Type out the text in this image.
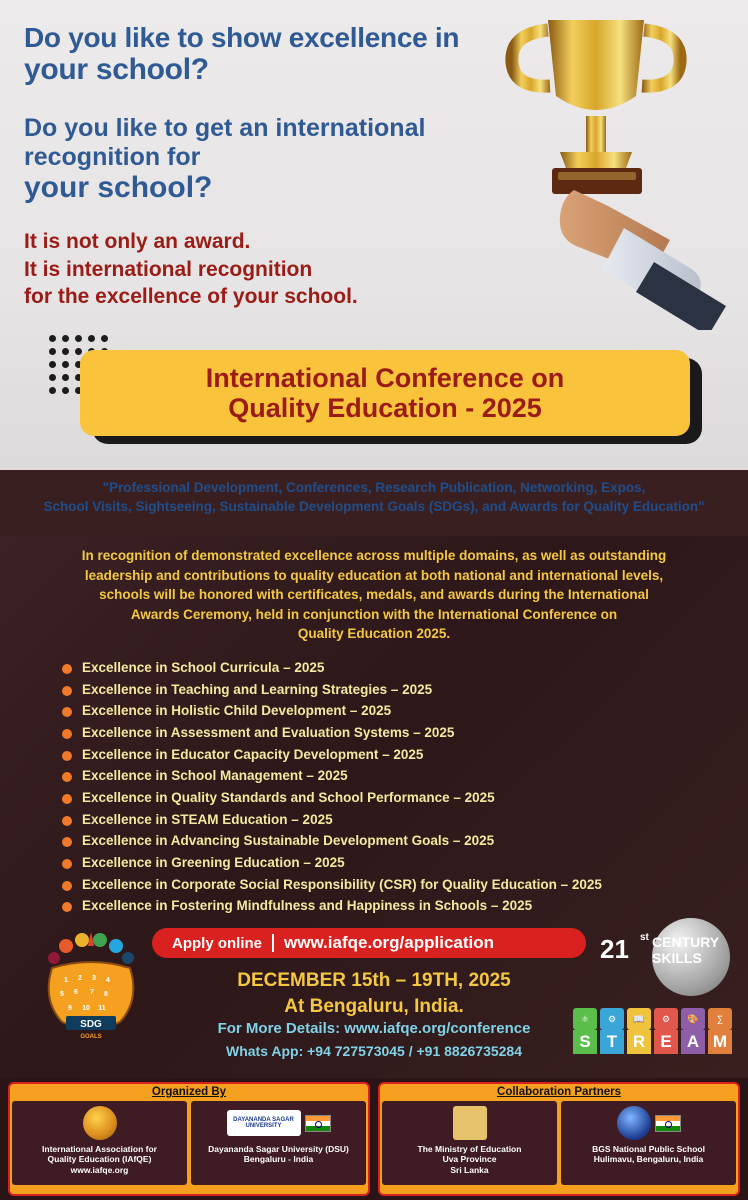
Do you like to show excellence in
your school?
Do you like to get an international
recognition for
your school?
It is not only an award.
It is international recognition
for the excellence of your school.
International Conference on
Quality Education - 2025
"Professional Development, Conferences, Research Publication, Networking, Expos,
School Visits, Sightseeing, Sustainable Development Goals (SDGs), and Awards for Quality Education"
In recognition of demonstrated excellence across multiple domains, as well as outstanding
leadership and contributions to quality education at both national and international levels,
schools will be honored with certificates, medals, and awards during the International
Awards Ceremony, held in conjunction with the International Conference on
Quality Education 2025.
Excellence in School Curricula – 2025
Excellence in Teaching and Learning Strategies – 2025
Excellence in Holistic Child Development – 2025
Excellence in Assessment and Evaluation Systems – 2025
Excellence in Educator Capacity Development – 2025
Excellence in School Management – 2025
Excellence in Quality Standards and School Performance – 2025
Excellence in STEAM Education – 2025
Excellence in Advancing Sustainable Development Goals – 2025
Excellence in Greening Education – 2025
Excellence in Corporate Social Responsibility (CSR) for Quality Education – 2025
Excellence in Fostering Mindfulness and Happiness in Schools – 2025
1 2 3 4
5 6 7 8
9 10 11
SDG
GOALS
Apply online www.iafqe.org/application
DECEMBER 15th – 19TH, 2025
At Bengaluru, India.
For More Details: www.iafqe.org/conference
Whats App: +94 727573045 / +91 8826735284
21 st CENTURY
SKILLS
⚛
S
⚙
T
📖
R
⚙
E
🎨
A
∑
M
Organized By
International Association for
Quality Education (IAfQE)
www.iafqe.org
DAYANANDA SAGAR UNIVERSITY
Dayananda Sagar University (DSU)
Bengaluru - India
Collaboration Partners
The Ministry of Education
Uva Province
Sri Lanka
BGS National Public School
Hulimavu, Bengaluru, India
